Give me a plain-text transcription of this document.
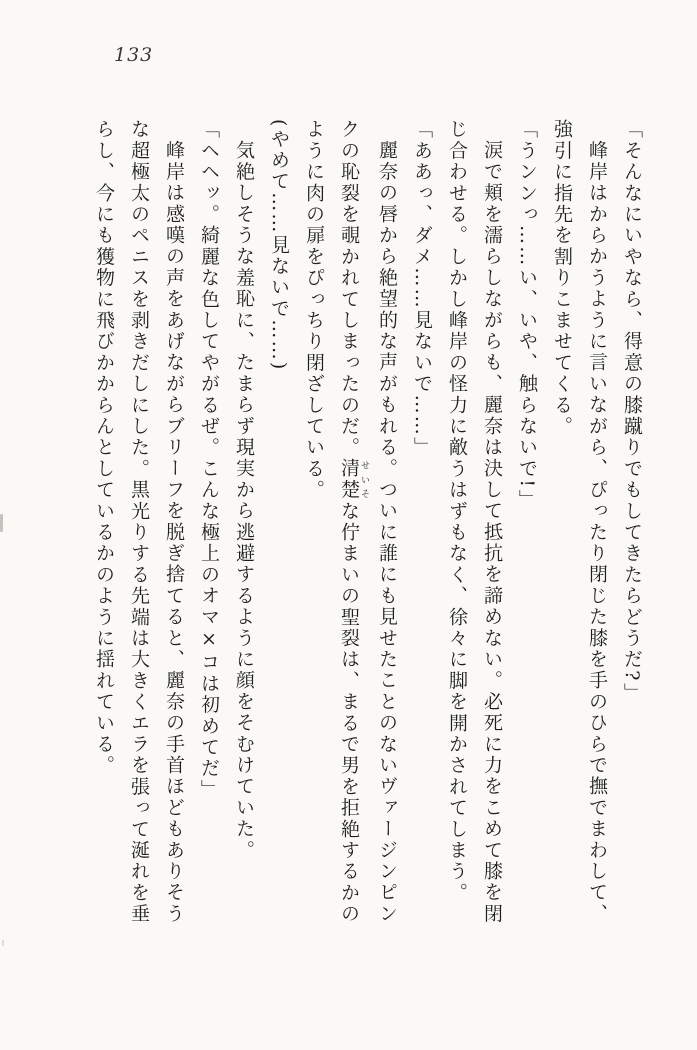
133
「そんなにいやなら、得意の膝蹴りでもしてきたらどうだ?」
峰岸はからかうように言いながら、ぴったり閉じた膝を手のひらで撫でまわして、
強引に指先を割りこませてくる。
「うンンっ……い、いや、触らないで!」
涙で頬を濡らしながらも、麗奈は決して抵抗を諦めない。必死に力をこめて膝を閉
じ合わせる。しかし峰岸の怪力に敵うはずもなく、徐々に脚を開かされてしまう。
「ああっ、ダメ……見ないで……」
麗奈の唇から絶望的な声がもれる。ついに誰にも見せたことのないヴァージンピン
クの恥裂を覗かれてしまったのだ。清楚 せいそな佇まいの聖裂は、まるで男を拒絶するかの
ように肉の扉をぴっちり閉ざしている。
(やめて……見ないで……)
気絶しそうな羞恥に、たまらず現実から逃避するように顔をそむけていた。
「ヘヘッ。綺麗な色してやがるぜ。こんな極上のオマ×コは初めてだ」
峰岸は感嘆の声をあげながらブリーフを脱ぎ捨てると、麗奈の手首ほどもありそう
な超極太のペニスを剥きだしにした。黒光りする先端は大きくエラを張って涎れを垂
らし、今にも獲物に飛びかからんとしているかのように揺れている。
